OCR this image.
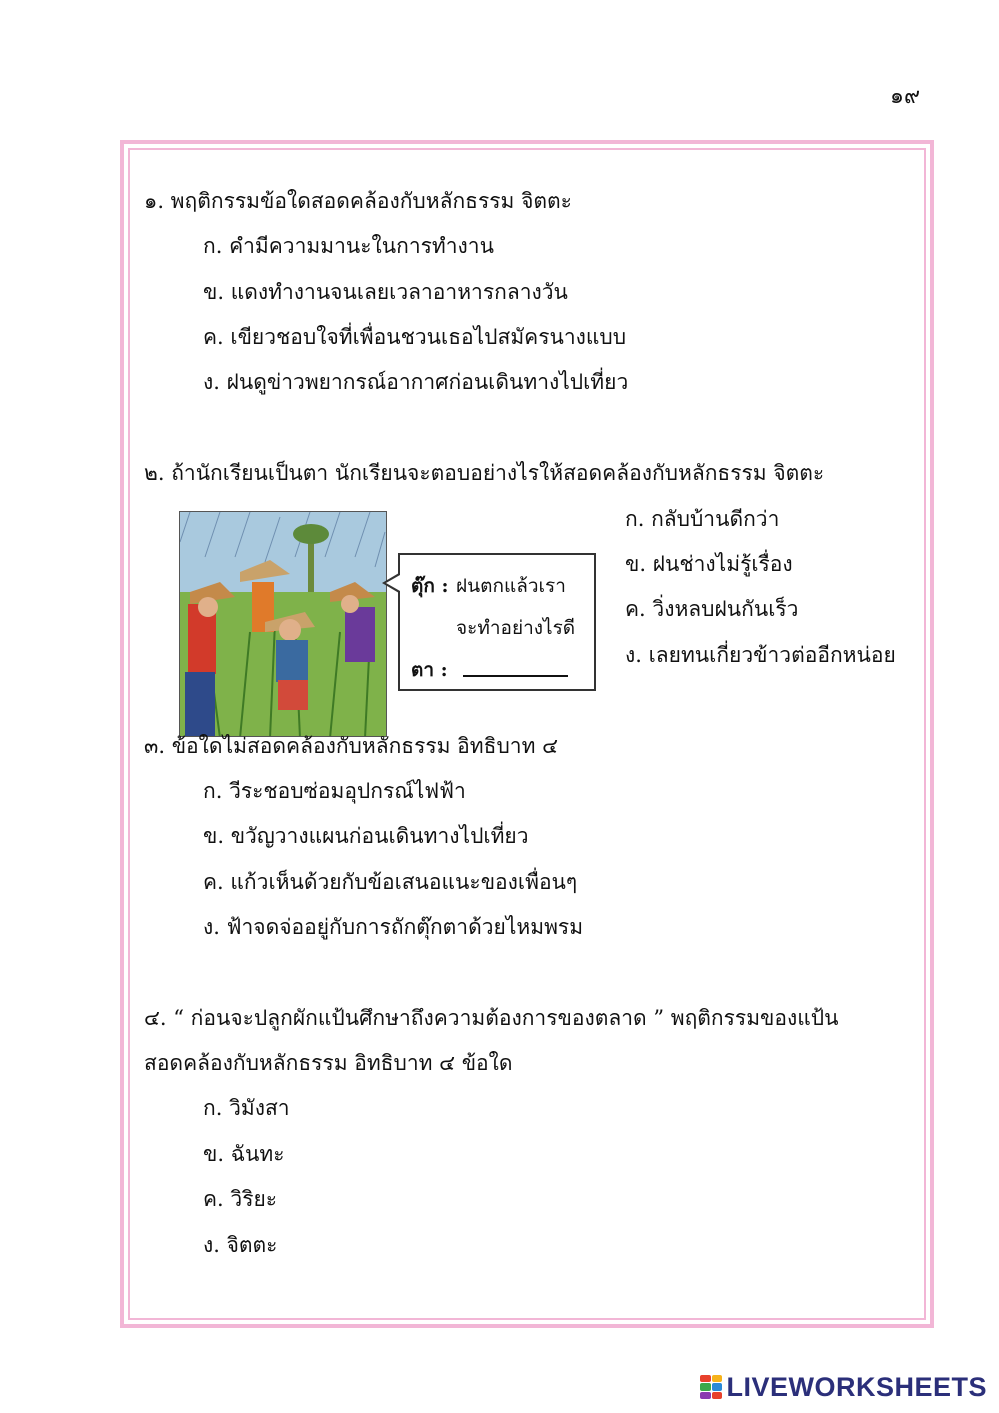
๑๙
๑. พฤติกรรมข้อใดสอดคล้องกับหลักธรรม จิตตะ
ก. คำมีความมานะในการทำงาน
ข. แดงทำงานจนเลยเวลาอาหารกลางวัน
ค. เขียวชอบใจที่เพื่อนชวนเธอไปสมัครนางแบบ
ง. ฝนดูข่าวพยากรณ์อากาศก่อนเดินทางไปเที่ยว
๒. ถ้านักเรียนเป็นตา นักเรียนจะตอบอย่างไรให้สอดคล้องกับหลักธรรม จิตตะ
ตุ๊ก : ฝนตกแล้วเรา
จะทำอย่างไรดี
ตา :
ก. กลับบ้านดีกว่า
ข. ฝนช่างไม่รู้เรื่อง
ค. วิ่งหลบฝนกันเร็ว
ง. เลยทนเกี่ยวข้าวต่ออีกหน่อย
๓. ข้อใดไม่สอดคล้องกับหลักธรรม อิทธิบาท ๔
ก. วีระชอบซ่อมอุปกรณ์ไฟฟ้า
ข. ขวัญวางแผนก่อนเดินทางไปเที่ยว
ค. แก้วเห็นด้วยกับข้อเสนอแนะของเพื่อนๆ
ง. ฟ้าจดจ่ออยู่กับการถักตุ๊กตาด้วยไหมพรม
๔. “ ก่อนจะปลูกผักแป้นศึกษาถึงความต้องการของตลาด ” พฤติกรรมของแป้น
สอดคล้องกับหลักธรรม อิทธิบาท ๔ ข้อใด
ก. วิมังสา
ข. ฉันทะ
ค. วิริยะ
ง. จิตตะ
LIVEWORKSHEETS
